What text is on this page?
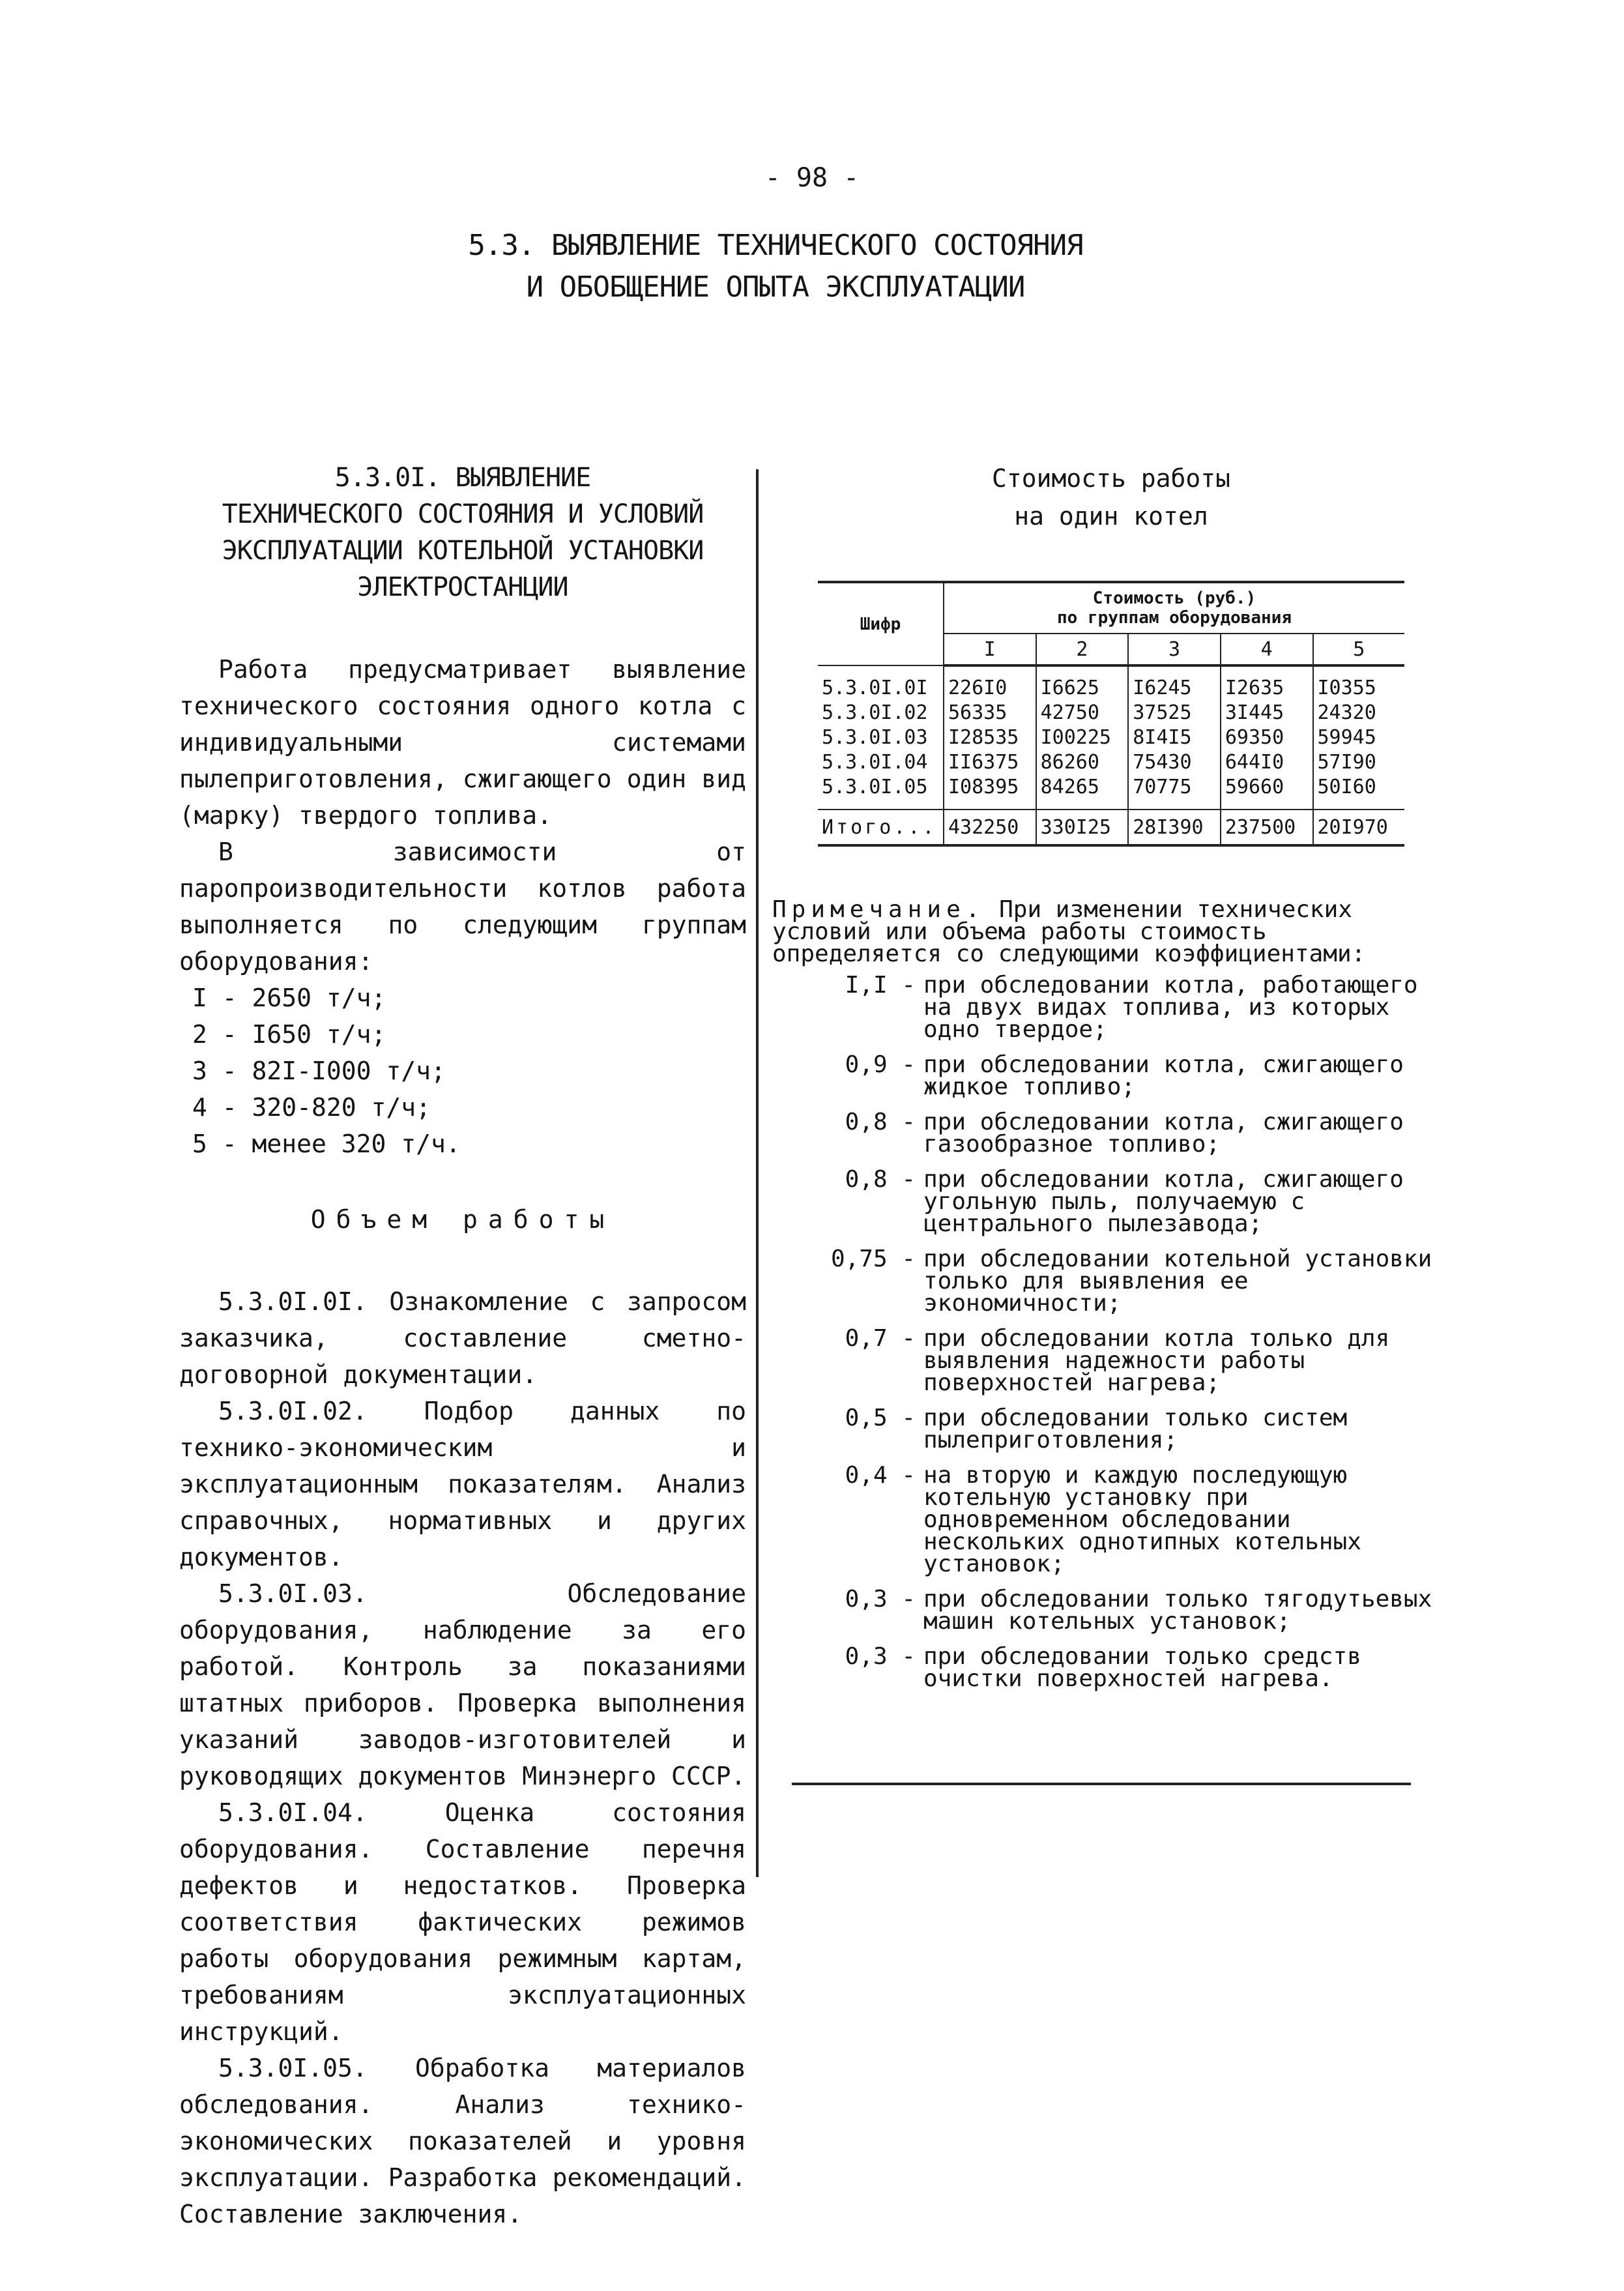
- 98 -
5.3. ВЫЯВЛЕНИЕ ТЕХНИЧЕСКОГО СОСТОЯНИЯ
И ОБОБЩЕНИЕ ОПЫТА ЭКСПЛУАТАЦИИ
5.3.0I. ВЫЯВЛЕНИЕ
ТЕХНИЧЕСКОГО СОСТОЯНИЯ И УСЛОВИЙ
ЭКСПЛУАТАЦИИ КОТЕЛЬНОЙ УСТАНОВКИ
ЭЛЕКТРОСТАНЦИИ

Работа предусматривает выявление технического состояния одного котла с индивидуальными системами пылеприготовления, сжигающего один вид (марку) твердого топлива.

В зависимости от паропроизводительности котлов работа выполняется по следующим группам оборудования:

I - 2650 т/ч;
2 - I650 т/ч;
3 - 82I-I000 т/ч;
4 - 320-820 т/ч;
5 - менее 320 т/ч.
Объем работы

5.3.0I.0I. Ознакомление с запросом заказчика, составление сметно-договорной документации.

5.3.0I.02. Подбор данных по технико-экономическим и эксплуатационным показателям. Анализ справочных, нормативных и других документов.

5.3.0I.03. Обследование оборудования, наблюдение за его работой. Контроль за показаниями штатных приборов. Проверка выполнения указаний заводов-изготовителей и руководящих документов Минэнерго СССР.

5.3.0I.04. Оценка состояния оборудования. Составление перечня дефектов и недостатков. Проверка соответствия фактических режимов работы оборудования режимным картам, требованиям эксплуатационных инструкций.

5.3.0I.05. Обработка материалов обследования. Анализ технико-экономических показателей и уровня эксплуатации. Разработка рекомендаций. Составление заключения.

Стоимость работы
на один котел
Шифр	Стоимость (руб.)
по группам оборудования				

	I	2	3	4	5
5.3.0I.0I	226I0	I6625	I6245	I2635	I0355
5.3.0I.02	56335	42750	37525	3I445	24320
5.3.0I.03	I28535	I00225	8I4I5	69350	59945
5.3.0I.04	II6375	86260	75430	644I0	57I90
5.3.0I.05	I08395	84265	70775	59660	50I60
Итого...	432250	330I25	28I390	237500	20I970
Примечание. При изменении технических условий или объема работы стоимость определяется со следующими коэффициентами:
I,I - при обследовании котла, работающего на двух видах топлива, из которых одно твердое;
0,9 - при обследовании котла, сжигающего жидкое топливо;
0,8 - при обследовании котла, сжигающего газообразное топливо;
0,8 - при обследовании котла, сжигающего угольную пыль, получаемую с центрального пылезавода;
0,75 - при обследовании котельной установки только для выявления ее экономичности;
0,7 - при обследовании котла только для выявления надежности работы поверхностей нагрева;
0,5 - при обследовании только систем пылеприготовления;
0,4 - на вторую и каждую последующую котельную установку при одновременном обследовании нескольких однотипных котельных установок;
0,3 - при обследовании только тягодутьевых машин котельных установок;
0,3 - при обследовании только средств очистки поверхностей нагрева.
